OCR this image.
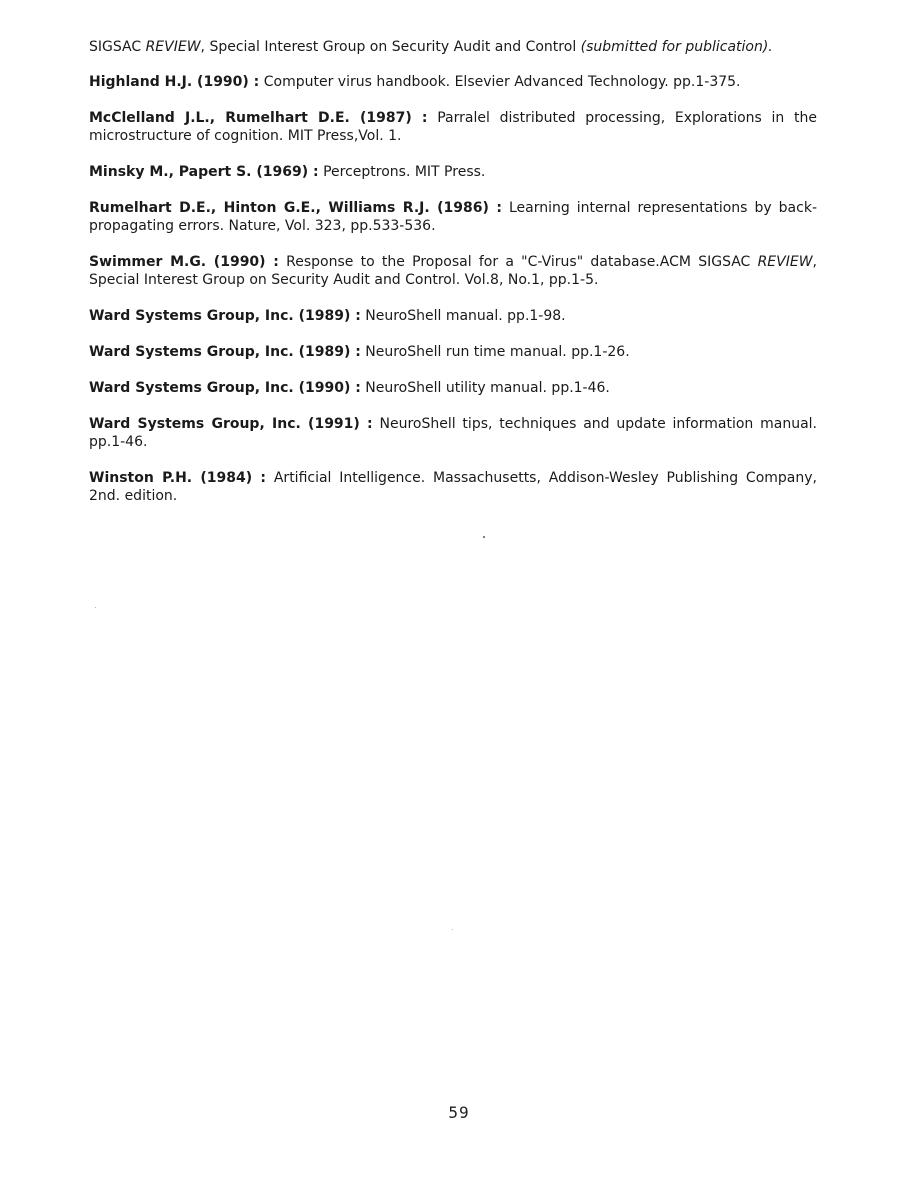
SIGSAC REVIEW, Special Interest Group on Security Audit and Control (submitted for publication).

Highland H.J. (1990) : Computer virus handbook. Elsevier Advanced Technology. pp.1-375.

McClelland J.L., Rumelhart D.E. (1987) : Parralel distributed processing, Explorations in the microstructure of cognition. MIT Press,Vol. 1.

Minsky M., Papert S. (1969) : Perceptrons. MIT Press.

Rumelhart D.E., Hinton G.E., Williams R.J. (1986) : Learning internal representations by back-propagating errors. Nature, Vol. 323, pp.533-536.

Swimmer M.G. (1990) : Response to the Proposal for a "C-Virus" database.ACM SIGSAC REVIEW, Special Interest Group on Security Audit and Control. Vol.8, No.1, pp.1-5.

Ward Systems Group, Inc. (1989) : NeuroShell manual. pp.1-98.

Ward Systems Group, Inc. (1989) : NeuroShell run time manual. pp.1-26.

Ward Systems Group, Inc. (1990) : NeuroShell utility manual. pp.1-46.

Ward Systems Group, Inc. (1991) : NeuroShell tips, techniques and update information manual. pp.1-46.

Winston P.H. (1984) : Artificial Intelligence. Massachusetts, Addison-Wesley Publishing Company, 2nd. edition.

59
